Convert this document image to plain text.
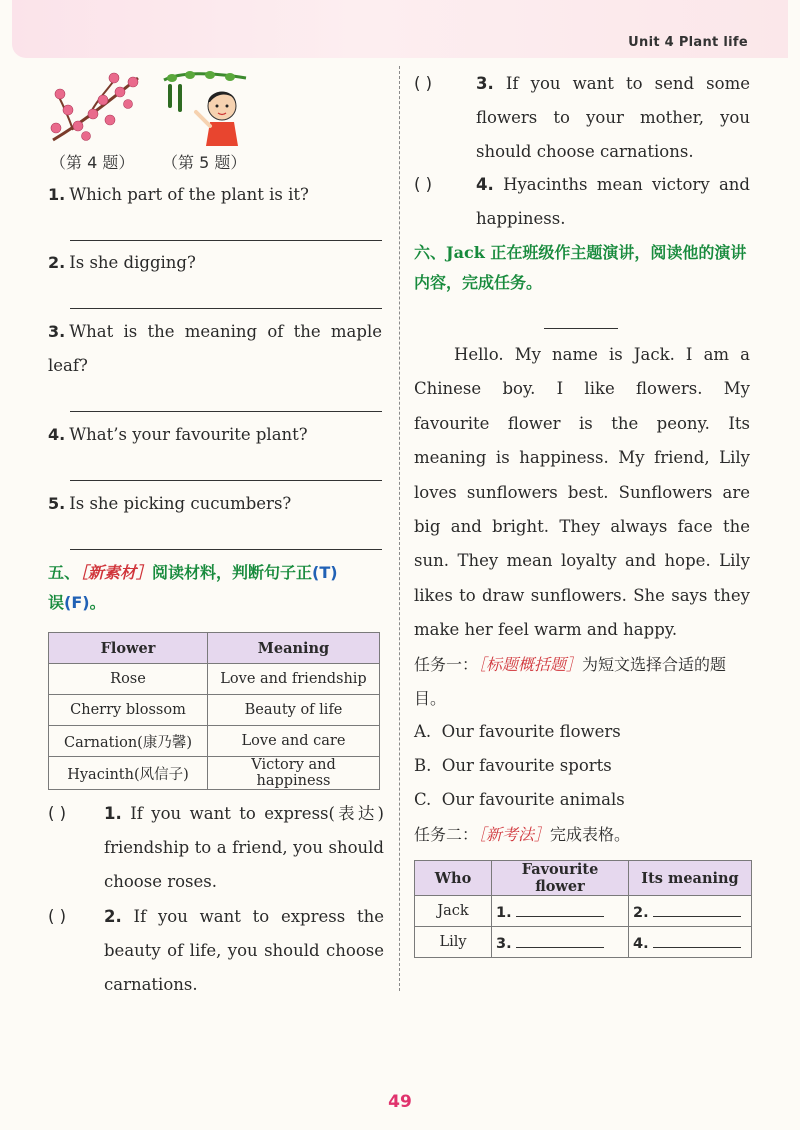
Unit 4 Plant life
（第 4 题） （第 5 题）
1. Which part of the plant is it?
2. Is she digging?
3. What is the meaning of the maple leaf?
4. What’s your favourite plant?
5. Is she picking cucumbers?
五、［新素材］阅读材料，判断句子正(T)
误(F)。
Flower	Meaning
Rose	Love and friendship
Cherry blossom	Beauty of life
Carnation(康乃馨)	Love and care
Hyacinth(风信子)	Victory and happiness
( ) 1. If you want to express(表达) friendship to a friend, you should choose roses.
( ) 2. If you want to express the beauty of life, you should choose carnations.
( )	3. If you want to send some flowers to your mother, you should choose carnations.
( )	4. Hyacinths mean victory and happiness.
六、Jack 正在班级作主题演讲，阅读他的演讲内容，完成任务。
Hello. My name is Jack. I am a Chinese boy. I like flowers. My favourite flower is the peony. Its meaning is happiness. My friend, Lily loves sunflowers best. Sunflowers are big and bright. They always face the sun. They mean loyalty and hope. Lily likes to draw sunflowers. She says they make her feel warm and happy.
任务一：［标题概括题］为短文选择合适的题目。
A. Our favourite flowers
B. Our favourite sports
C. Our favourite animals
任务二：［新考法］完成表格。
Who	Favourite flower	Its meaning
Jack	1.	2.
Lily	3.	4.
49
